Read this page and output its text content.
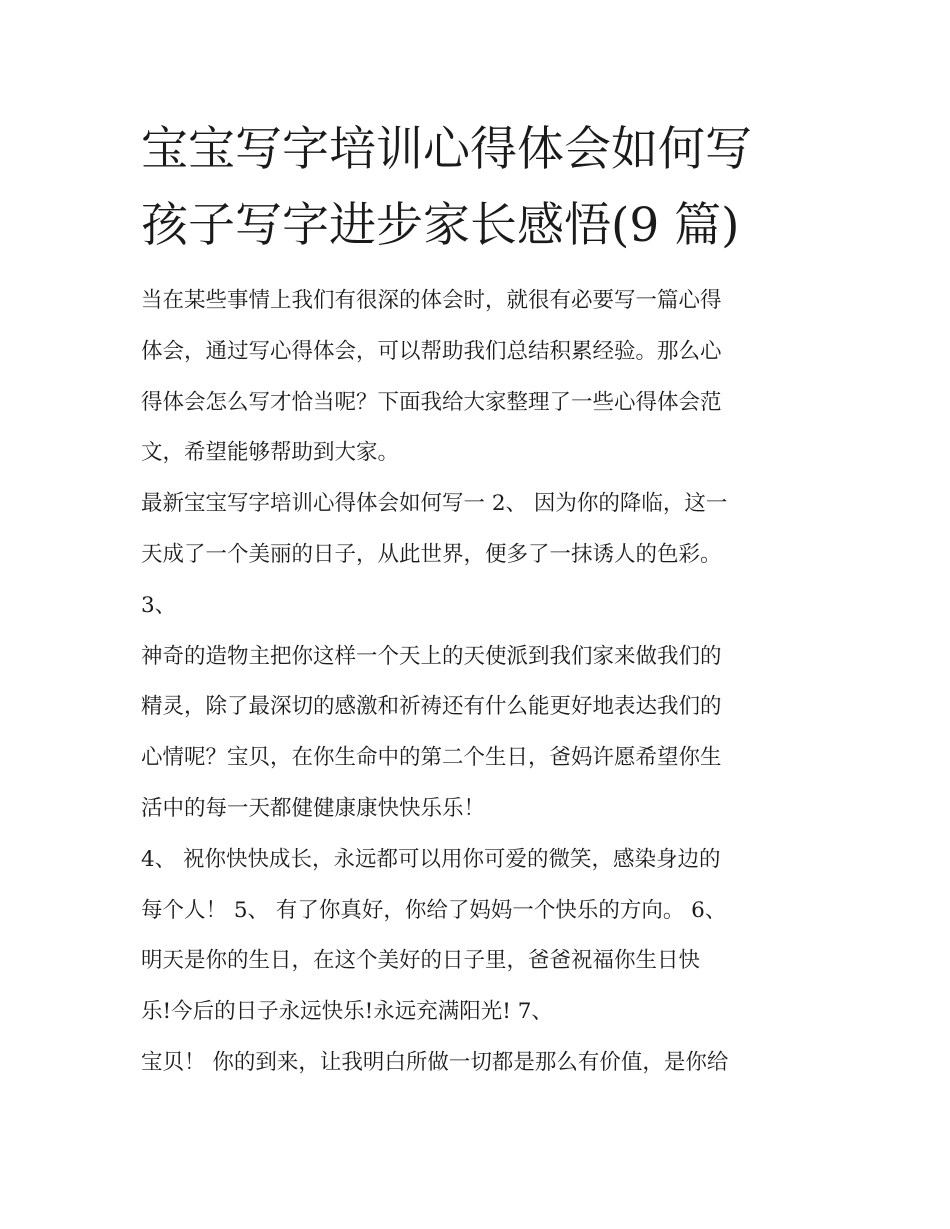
宝宝写字培训心得体会如何写
孩子写字进步家长感悟(9 篇)

当在某些事情上我们有很深的体会时，就很有必要写一篇心得

体会，通过写心得体会，可以帮助我们总结积累经验。那么心

得体会怎么写才恰当呢？下面我给大家整理了一些心得体会范

文，希望能够帮助到大家。

最新宝宝写字培训心得体会如何写一 2、 因为你的降临，这一

天成了一个美丽的日子，从此世界，便多了一抹诱人的色彩。

3、

神奇的造物主把你这样一个天上的天使派到我们家来做我们的

精灵，除了最深切的感激和祈祷还有什么能更好地表达我们的

心情呢？宝贝，在你生命中的第二个生日，爸妈许愿希望你生

活中的每一天都健健康康快快乐乐！

4、 祝你快快成长，永远都可以用你可爱的微笑，感染身边的

每个人！ 5、 有了你真好，你给了妈妈一个快乐的方向。 6、

明天是你的生日，在这个美好的日子里，爸爸祝福你生日快

乐!今后的日子永远快乐!永远充满阳光! 7、

宝贝！ 你的到来，让我明白所做一切都是那么有价值，是你给
